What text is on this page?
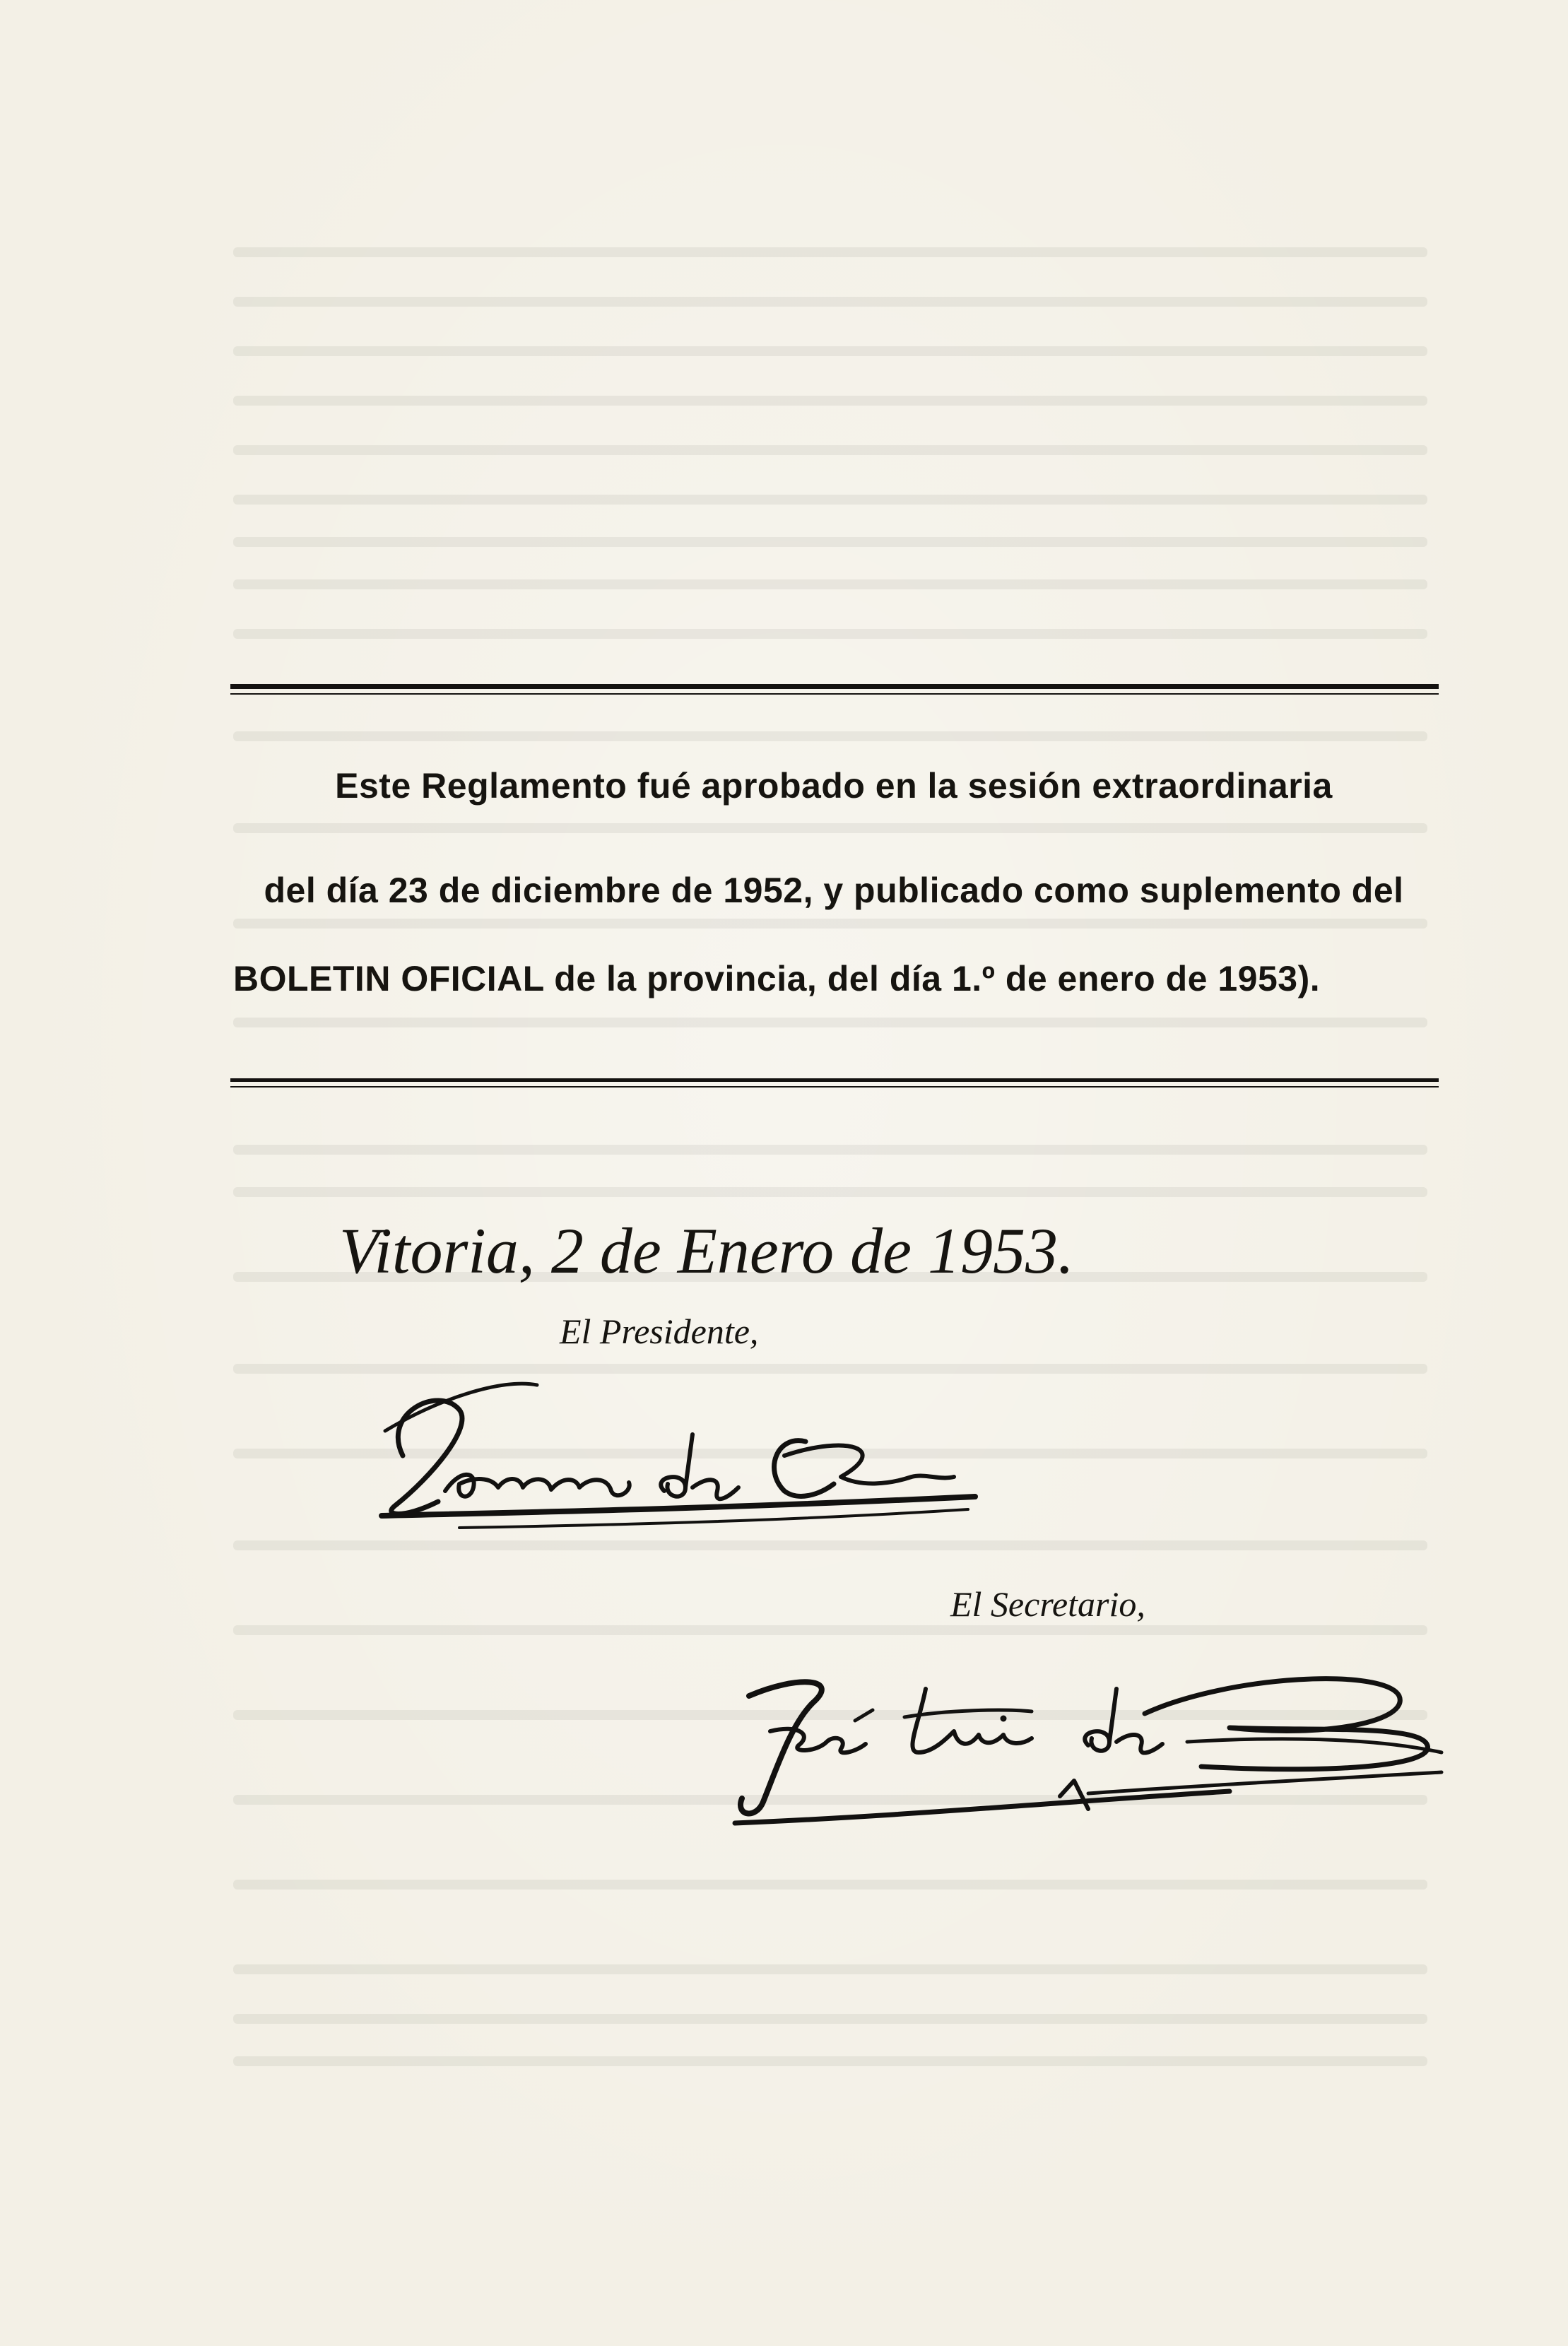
Este Reglamento fué aprobado en la sesión extraordinaria
del día 23 de diciembre de 1952, y publicado como suplemento del
BOLETIN OFICIAL de la provincia, del día 1.º de enero de 1953).
Vitoria, 2 de Enero de 1953.
El Presidente,
El Secretario,
